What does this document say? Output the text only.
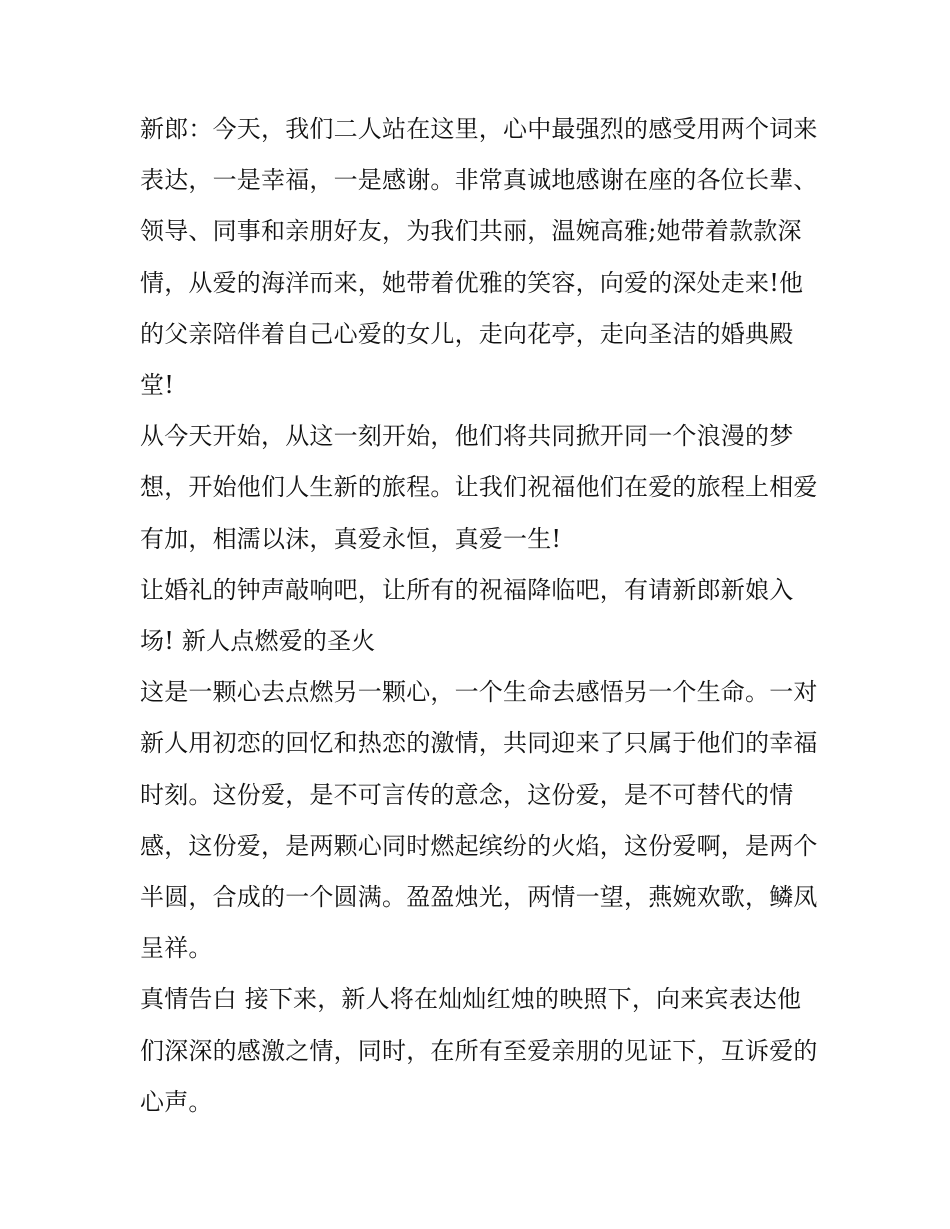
新郎：今天，我们二人站在这里，心中最强烈的感受用两个词来表达，一是幸福，一是感谢。非常真诚地感谢在座的各位长辈、领导、同事和亲朋好友，为我们共丽，温婉高雅;她带着款款深情，从爱的海洋而来，她带着优雅的笑容，向爱的深处走来!他的父亲陪伴着自己心爱的女儿，走向花亭，走向圣洁的婚典殿堂!

从今天开始，从这一刻开始，他们将共同掀开同一个浪漫的梦想，开始他们人生新的旅程。让我们祝福他们在爱的旅程上相爱有加，相濡以沫，真爱永恒，真爱一生!

让婚礼的钟声敲响吧，让所有的祝福降临吧，有请新郎新娘入场! 新人点燃爱的圣火

这是一颗心去点燃另一颗心，一个生命去感悟另一个生命。一对新人用初恋的回忆和热恋的激情，共同迎来了只属于他们的幸福时刻。这份爱，是不可言传的意念，这份爱，是不可替代的情感，这份爱，是两颗心同时燃起缤纷的火焰，这份爱啊，是两个半圆，合成的一个圆满。盈盈烛光，两情一望，燕婉欢歌，鳞凤呈祥。

真情告白 接下来，新人将在灿灿红烛的映照下，向来宾表达他们深深的感激之情，同时，在所有至爱亲朋的见证下，互诉爱的心声。
